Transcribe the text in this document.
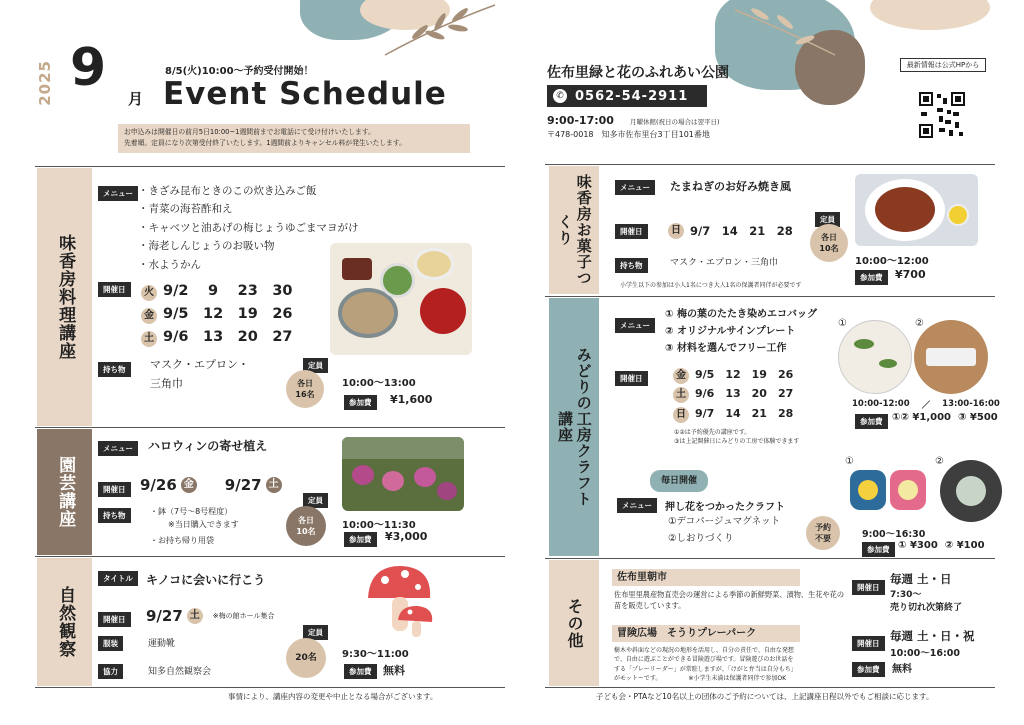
2025 9
月
8/5(火)10:00～予約受付開始！
Event Schedule
お申込みは開催日の前月5日10:00~1週間前までお電話にて受け付けいたします。
先着順。定員になり次第受付終了いたします。1週間前よりキャンセル料が発生いたします。
味香房料理講座
メニュー ・きざみ昆布ときのこの炊き込みご飯
・青菜の海苔酢和え
・キャベツと油あげの梅じょうゆごまマヨがけ
・海老しんじょうのお吸い物
・水ようかん
開催日	火 9/2　 9　 23　30
金 9/5　12　19　26
土 9/6　13　20　27
持ち物	マスク・エプロン・
三角巾
定員
各日
16名
10:00～13:00
参加費	¥1,600
園芸講座
メニュー	ハロウィンの寄せ植え
開催日 9/26 金 9/27 土
持ち物	・鉢（7号～8号程度）
※当日購入できます
・お持ち帰り用袋
定員
各日
10名
10:00～11:30
参加費	¥3,000
自然観察
タイトル	キノコに会いに行こう
開催日	9/27 土	※梅の館ホール集合
服装	運動靴
協力	知多自然観察会
定員
20名	9:30～11:00
参加費	無料
事情により、講座内容の変更や中止となる場合がございます。
佐布里緑と花のふれあい公園
✆ 0562-54-2911
9:00-17:00 月曜休館(祝日の場合は翌平日)
〒478-0018　知多市佐布里台3丁目101番地
最新情報は公式HPから
味香房お菓子つくり
メニュー	たまねぎのお好み焼き風
開催日	日 9/7　14　21　28
持ち物	マスク・エプロン・三角巾
小学生以下の参加は小人1名につき大人1名の保護者同伴が必要です
定員
各日
10名
10:00～12:00
参加費	¥700
みどりの工房クラフト講座
メニュー
① 梅の葉のたたき染めエコバッグ
② オリジナルサインプレート
③ 材料を選んでフリー工作
開催日	金 9/5　12　19　26
土 9/6　13　20　27
日 9/7　14　21　28
①②は予約優先の講座です。
③は上記開催日にみどりの工房で体験できます
①	②
10:00-12:00 ／ 13:00-16:00
参加費 ①② ¥1,000  ③ ¥500
毎日開催
メニュー	押し花をつかったクラフト
①デコパージュマグネット
②しおりづくり
予約
不要
①	②
9:00～16:30
参加費 ① ¥300  ② ¥100
その他
佐布里朝市
佐布里里農産物直売会の運営による季節の新鮮野菜、漬物、生花や花の苗を販売しています。
開催日
毎週 土・日
7:30～
売り切れ次第終了
冒険広場　そうりプレーパーク
樹木や斜面などの現況の地形を活用し、自分の責任で、自由な発想
で、自由に遊ぶことができる冒険遊び場です。冒険遊びのお世話を
する「プレーリーダー」が常駐しますが、「けがと弁当は自分もち」
がモットーです。　　　　　※小学生未満は保護者同伴で参加OK
開催日
毎週 土・日・祝
10:00～16:00
参加費	無料
子ども会・PTAなど10名以上の団体のご予約については、上記講座日程以外でもご相談に応じます。
